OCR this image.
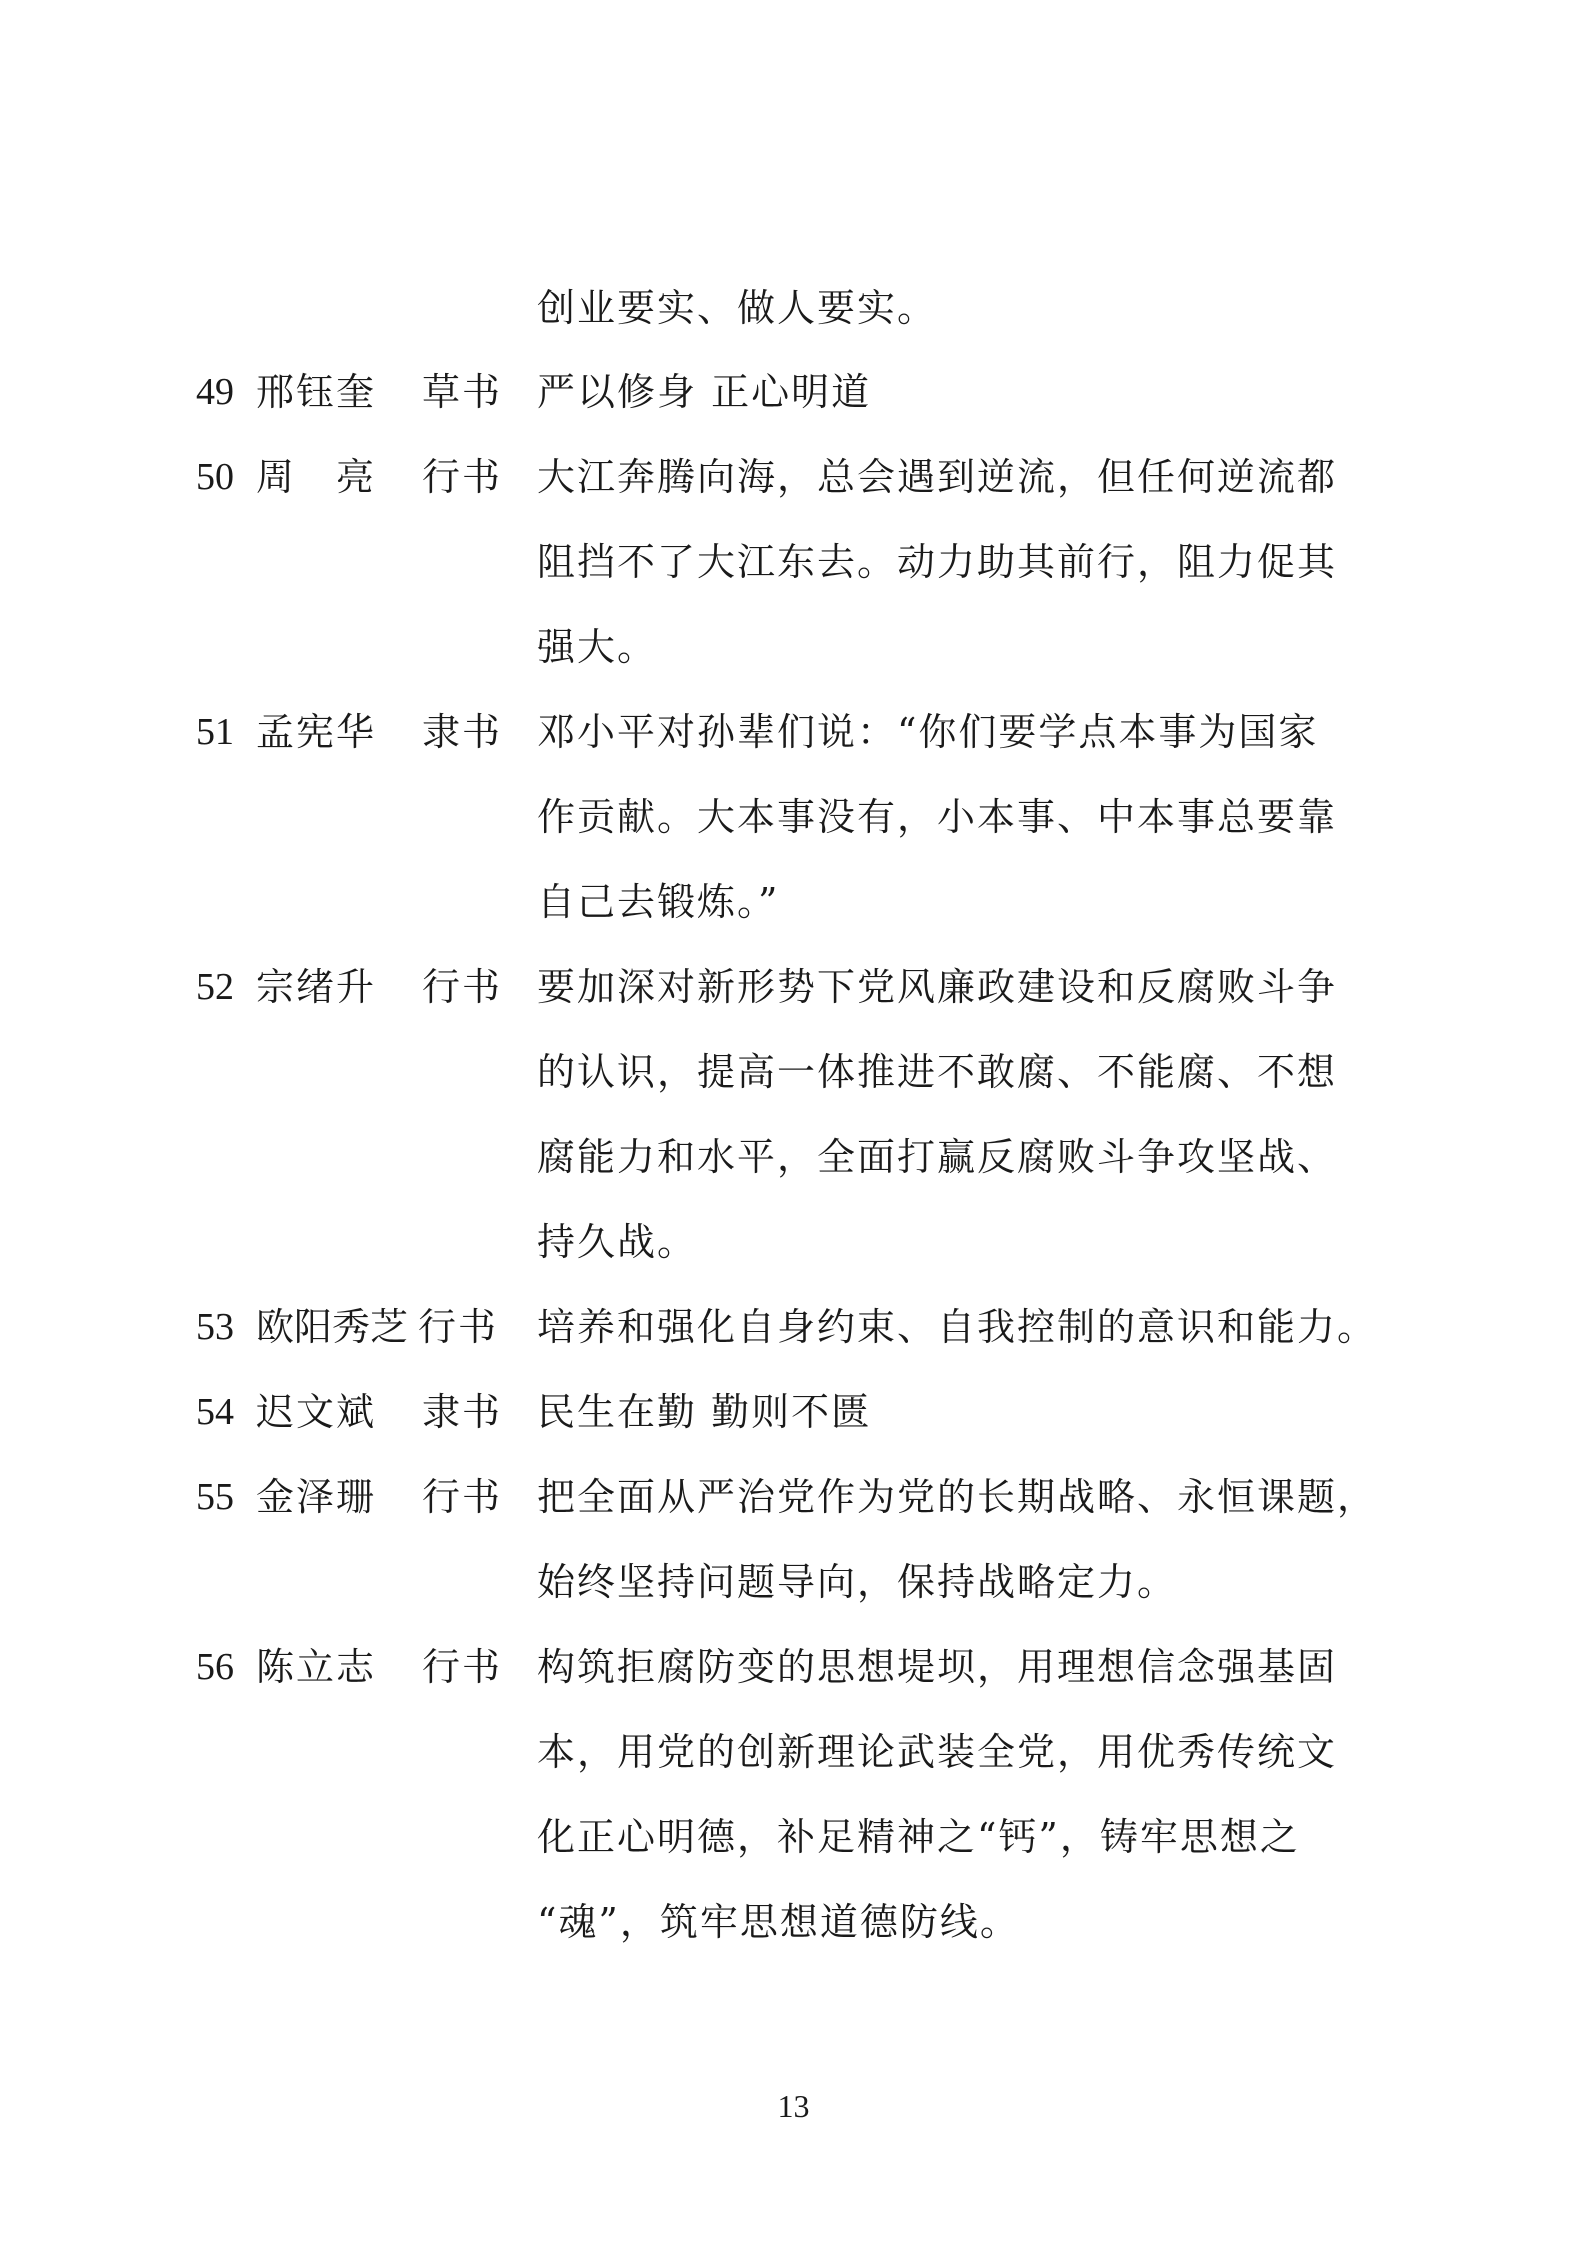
创业要实、做人要实。
49 邢钰奎 草书 严以修身 正心明道
50 周　亮 行书 大江奔腾向海，总会遇到逆流，但任何逆流都
阻挡不了大江东去。动力助其前行，阻力促其
强大。
51 孟宪华 隶书 邓小平对孙辈们说：“你们要学点本事为国家
作贡献。大本事没有，小本事、中本事总要靠
自己去锻炼。”
52 宗绪升 行书 要加深对新形势下党风廉政建设和反腐败斗争
的认识，提高一体推进不敢腐、不能腐、不想
腐能力和水平，全面打赢反腐败斗争攻坚战、
持久战。
53 欧阳秀芝 行书 培养和强化自身约束、自我控制的意识和能力。
54 迟文斌 隶书 民生在勤 勤则不匮
55 金泽珊 行书 把全面从严治党作为党的长期战略、永恒课题，
始终坚持问题导向，保持战略定力。
56 陈立志 行书 构筑拒腐防变的思想堤坝，用理想信念强基固
本，用党的创新理论武装全党，用优秀传统文
化正心明德，补足精神之“钙”，铸牢思想之
“魂”，筑牢思想道德防线。
13
